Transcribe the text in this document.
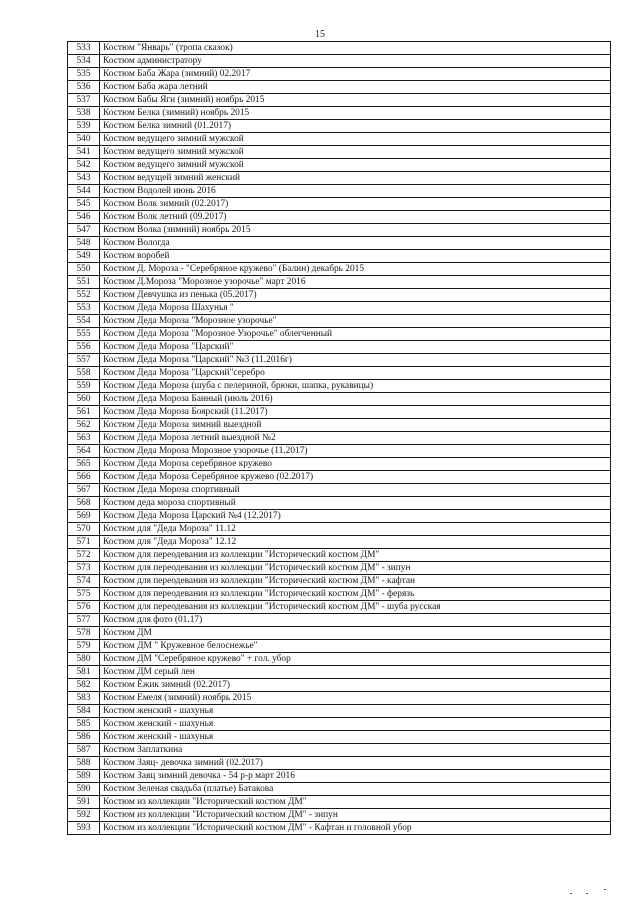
15
533	Костюм "Январь" (тропа сказок)
534	Костюм администратору
535	Костюм Баба Жара (зимний) 02.2017
536	Костюм Баба жара летний
537	Костюм Бабы Яги (зимний) ноябрь 2015
538	Костюм Белка (зимний) ноябрь 2015
539	Костюм Белка зимний (01.2017)
540	Костюм ведущего зимний мужской
541	Костюм ведущего зимний мужской
542	Костюм ведущего зимний мужской
543	Костюм ведущей зимний женский
544	Костюм Водолей июнь 2016
545	Костюм Волк зимний (02.2017)
546	Костюм Волк летний (09.2017)
547	Костюм Волка (зимний) ноябрь 2015
548	Костюм Вологда
549	Костюм воробей
550	Костюм Д. Мороза - "Серебряное кружево" (Балин) декабрь 2015
551	Костюм Д.Мороза "Морозное узорочье" март 2016
552	Костюм Девчушка из пенька (05.2017)
553	Костюм Деда Мороза Шахунья "
554	Костюм Деда Мороза "Морозное узорочье"
555	Костюм Деда Мороза "Морозное Узорочье" облегченный
556	Костюм Деда Мороза "Царский"
557	Костюм Деда Мороза "Царский" №3 (11.2016г)
558	Костюм Деда Мороза "Царский"серебро
559	Костюм Деда Мороза (шуба с пелериной, брюки, шапка, рукавицы)
560	Костюм Деда Мороза Банный (июль 2016)
561	Костюм Деда Мороза Боярский (11.2017)
562	Костюм Деда Мороза зимний выездной
563	Костюм Деда Мороза летний выездной №2
564	Костюм Деда Мороза Морозное узорочье (11.2017)
565	Костюм Деда Мороза серебряное кружево
566	Костюм Деда Мороза Серебряное кружево (02.2017)
567	Костюм Деда Мороза спортивный
568	Костюм деда мороза спортивный
569	Костюм Деда Мороза Царский №4 (12.2017)
570	Костюм для "Деда Мороза" 11.12
571	Костюм для "Деда Мороза" 12.12
572	Костюм для переодевания из коллекции "Исторический костюм ДМ"
573	Костюм для переодевания из коллекции "Исторический костюм ДМ" - зипун
574	Костюм для переодевания из коллекции "Исторический костюм ДМ" - кафтан
575	Костюм для переодевания из коллекции "Исторический костюм ДМ" - ферязь
576	Костюм для переодевания из коллекции "Исторический костюм ДМ" - шуба русская
577	Костюм для фото (01.17)
578	Костюм ДМ
579	Костюм ДМ " Кружевное белоснежье"
580	Костюм ДМ "Серебряное кружево" + гол. убор
581	Костюм ДМ серый лен
582	Костюм Ёжик зимний (02.2017)
583	Костюм Емеля (зимний) ноябрь 2015
584	Костюм женский - шахунья
585	Костюм женский - шахунья
586	Костюм женский - шахунья
587	Костюм Заплаткина
588	Костюм Заяц- девочка зимний (02.2017)
589	Костюм Заяц зимний девочка - 54 р-р март 2016
590	Костюм Зеленая свадьба (платье) Батакова
591	Костюм из коллекции "Исторический костюм ДМ"
592	Костюм из коллекции "Исторический костюм ДМ" - зипун
593	Костюм из коллекции "Исторический костюм ДМ" - Кафтан и головной убор
